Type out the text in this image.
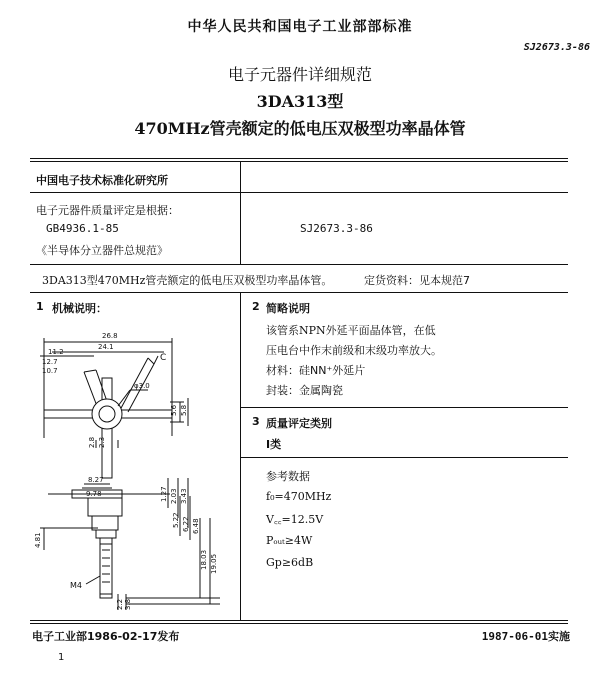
中华人民共和国电子工业部部标准
SJ2673.3-86
电子元器件详细规范
3DA313型
470MHz管壳额定的低电压双极型功率晶体管
中国电子技术标准化研究所
电子元器件质量评定是根据：
GB4936.1-85
《半导体分立器件总规范》
SJ2673.3-86
3DA313型470MHz管壳额定的低电压双极型功率晶体管。	定货资料：见本规范7
1 机械说明：	2 简略说明
该管系NPN外延平面晶体管，在低
压电台中作末前级和末级功率放大。
材料：硅NN⁺外延片
封装：金属陶瓷
3 质量评定类别
Ⅰ类
参考数据
f₀=470MHz
V꜀꜀=12.5V
Pₒᵤₜ≥4W
Gp≥6dB
26.8
24.1
11.2
12.7
10.7
C
φ3.0
5.6 5.8
2.8 2.3
8.27
9.78	1.27 2.03 3.43
5.22 6.22 6.48
4.81
18.03 19.05
M4
2.2 3.8
电子工业部1986-02-17发布	1987-06-01实施
1
